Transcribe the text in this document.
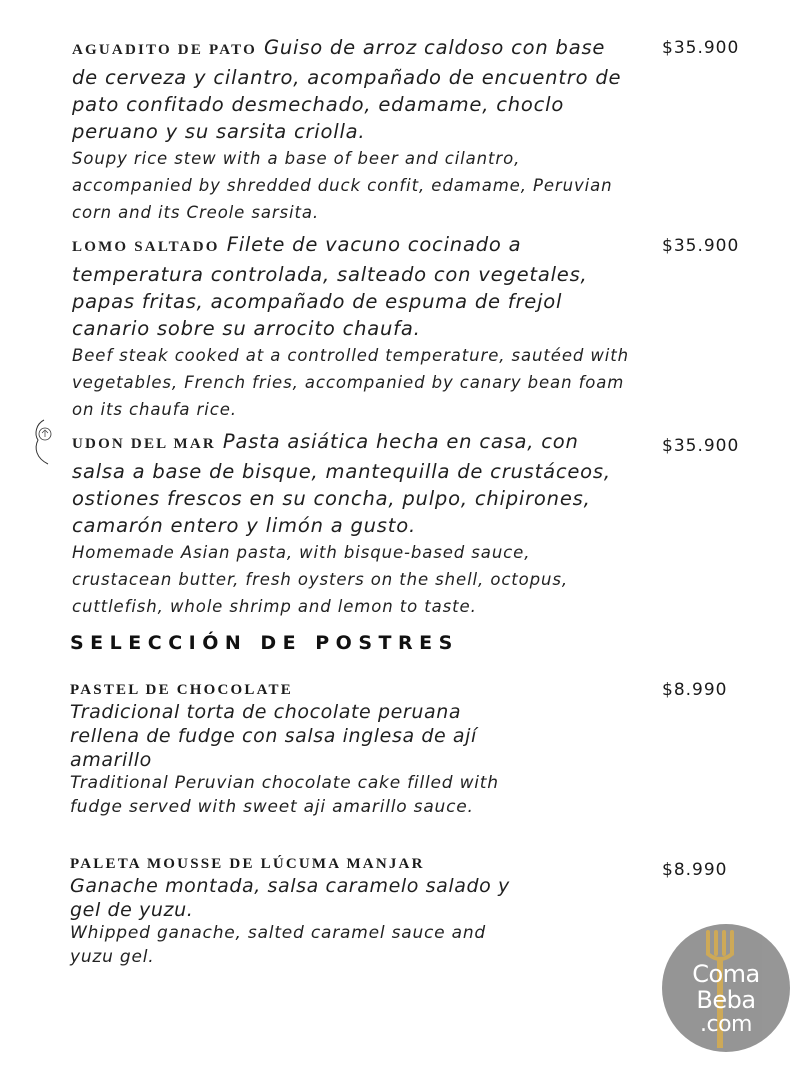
AGUADITO DE PATO Guiso de arroz caldoso con base de cerveza y cilantro, acompañado de encuentro de pato confitado desmechado, edamame, choclo peruano y su sarsita criolla.
Soupy rice stew with a base of beer and cilantro, accompanied by shredded duck confit, edamame, Peruvian corn and its Creole sarsita.
$35.900
LOMO SALTADO Filete de vacuno cocinado a temperatura controlada, salteado con vegetales, papas fritas, acompañado de espuma de frejol canario sobre su arrocito chaufa.
Beef steak cooked at a controlled temperature, sautéed with vegetables, French fries, accompanied by canary bean foam on its chaufa rice.
$35.900
UDON DEL MAR Pasta asiática hecha en casa, con salsa a base de bisque, mantequilla de crustáceos, ostiones frescos en su concha, pulpo, chipirones, camarón entero y limón a gusto.
Homemade Asian pasta, with bisque-based sauce, crustacean butter, fresh oysters on the shell, octopus, cuttlefish, whole shrimp and lemon to taste.
$35.900
SELECCIÓN DE POSTRES
PASTEL DE CHOCOLATE
Tradicional torta de chocolate peruana rellena de fudge con salsa inglesa de ají amarillo
Traditional Peruvian chocolate cake filled with fudge served with sweet aji amarillo sauce.
$8.990
PALETA MOUSSE DE LÚCUMA MANJAR
Ganache montada, salsa caramelo salado y gel de yuzu.
Whipped ganache, salted caramel sauce and yuzu gel.
$8.990
Coma
Beba
.com
